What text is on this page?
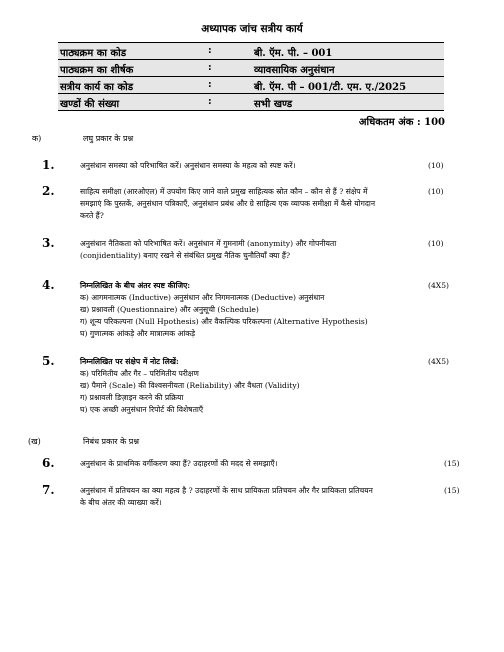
अध्यापक जांच सत्रीय कार्य
पाठ्यक्रम का कोड	:	बी. ऍम. पी. – 001
पाठ्यक्रम का शीर्षक	:	व्यावसायिक अनुसंधान
सत्रीय कार्य का कोड	:	बी. ऍम. पी – 001/टी. एम. ए./2025
खण्डों की संख्या	:	सभी खण्ड
अधिकतम अंक : 100
क)	लघु प्रकार के प्रश्न
1.	अनुसंधान समस्या को परिभाषित करें। अनुसंधान समस्या के महत्व को स्पष्ट करें।	(10)
2.	साहित्य समीक्षा (आरओएल) में उपयोग किए जाने वाले प्रमुख साहित्यक स्रोत कौन – कौन से हैं ? संक्षेप में
समझाएं कि पुस्तकें, अनुसंधान पत्रिकाएँ, अनुसंधान प्रबंध और ग्रे साहित्य एक व्यापक समीक्षा में कैसे योगदान
करते हैं?
(10)
3.	अनुसंधान नैतिकता को परिभाषित करें। अनुसंधान में गुमनामी (anonymity) और गोपनीयता
(conjidentiality) बनाए रखने से संबंधित प्रमुख नैतिक चुनौतियाँ क्या हैं?
(10)
4.	निम्नलिखित के बीच अंतर स्पष्ट कीजिए:
क) आगमनात्मक (Inductive) अनुसंधान और निगमनात्मक (Deductive) अनुसंधान
ख) प्रश्नावली (Questionnaire) और अनुसूची (Schedule)
ग) शून्य परिकल्पना (Null Hpothesis) और वैकल्पिक परिकल्पना (Alternative Hypothesis)
घ) गुणात्मक आंकड़े और मात्रात्मक आंकड़े
(4X5)
5.	निम्नलिखित पर संक्षेप में नोट लिखें:
क) परिमितीय और गैर – परिमितीय परीक्षण
ख) पैमाने (Scale) की विश्वसनीयता (Reliability) और वैधता (Validity)
ग) प्रश्नावली डिज़ाइन करने की प्रक्रिया
घ) एक अच्छी अनुसंधान रिपोर्ट की विशेषताएँ
(4X5)
(ख)	निबंध प्रकार के प्रश्न
6.	अनुसंधान के प्राथमिक वर्गीकरण क्या हैं? उदाहरणों की मदद से समझाएँ।	(15)
7.	अनुसंधान में प्रतिचयन का क्या महत्व है ? उदाहरणों के साथ प्रायिकता प्रतिचयन और गैर प्रायिकता प्रतिचयन
के बीच अंतर की व्याख्या करें।
(15)
